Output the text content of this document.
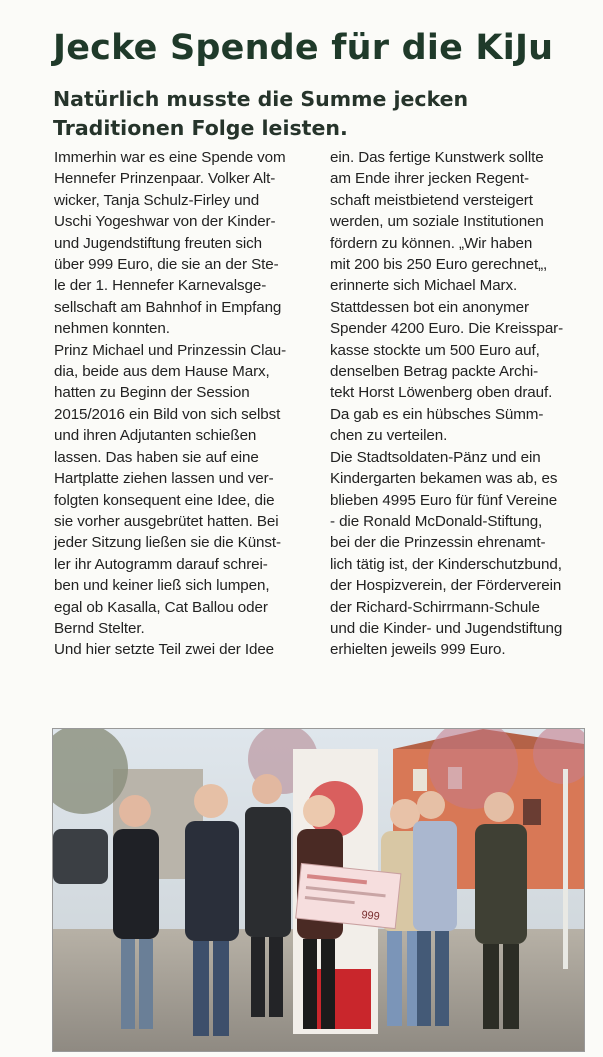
Jecke Spende für die KiJu
Natürlich musste die Summe jecken
Traditionen Folge leisten.
Immerhin war es eine Spende vom
Hennefer Prinzenpaar. Volker Alt-
wicker, Tanja Schulz-Firley und
Uschi Yogeshwar von der Kinder-
und Jugendstiftung freuten sich
über 999 Euro, die sie an der Ste-
le der 1. Hennefer Karnevalsge-
sellschaft am Bahnhof in Empfang
nehmen konnten.
Prinz Michael und Prinzessin Clau-
dia, beide aus dem Hause Marx,
hatten zu Beginn der Session
2015/2016 ein Bild von sich selbst
und ihren Adjutanten schießen
lassen. Das haben sie auf eine
Hartplatte ziehen lassen und ver-
folgten konsequent eine Idee, die
sie vorher ausgebrütet hatten. Bei
jeder Sitzung ließen sie die Künst-
ler ihr Autogramm darauf schrei-
ben und keiner ließ sich lumpen,
egal ob Kasalla, Cat Ballou oder
Bernd Stelter.
Und hier setzte Teil zwei der Idee
ein. Das fertige Kunstwerk sollte
am Ende ihrer jecken Regent-
schaft meistbietend versteigert
werden, um soziale Institutionen
fördern zu können. „Wir haben
mit 200 bis 250 Euro gerechnet„,
erinnerte sich Michael Marx.
Stattdessen bot ein anonymer
Spender 4200 Euro. Die Kreisspar-
kasse stockte um 500 Euro auf,
denselben Betrag packte Archi-
tekt Horst Löwenberg oben drauf.
Da gab es ein hübsches Sümm-
chen zu verteilen.
Die Stadtsoldaten-Pänz und ein
Kindergarten bekamen was ab, es
blieben 4995 Euro für fünf Vereine
- die Ronald McDonald-Stiftung,
bei der die Prinzessin ehrenamt-
lich tätig ist, der Kinderschutzbund,
der Hospizverein, der Förderverein
der Richard-Schirrmann-Schule
und die Kinder- und Jugendstiftung
erhielten jeweils 999 Euro.
999
